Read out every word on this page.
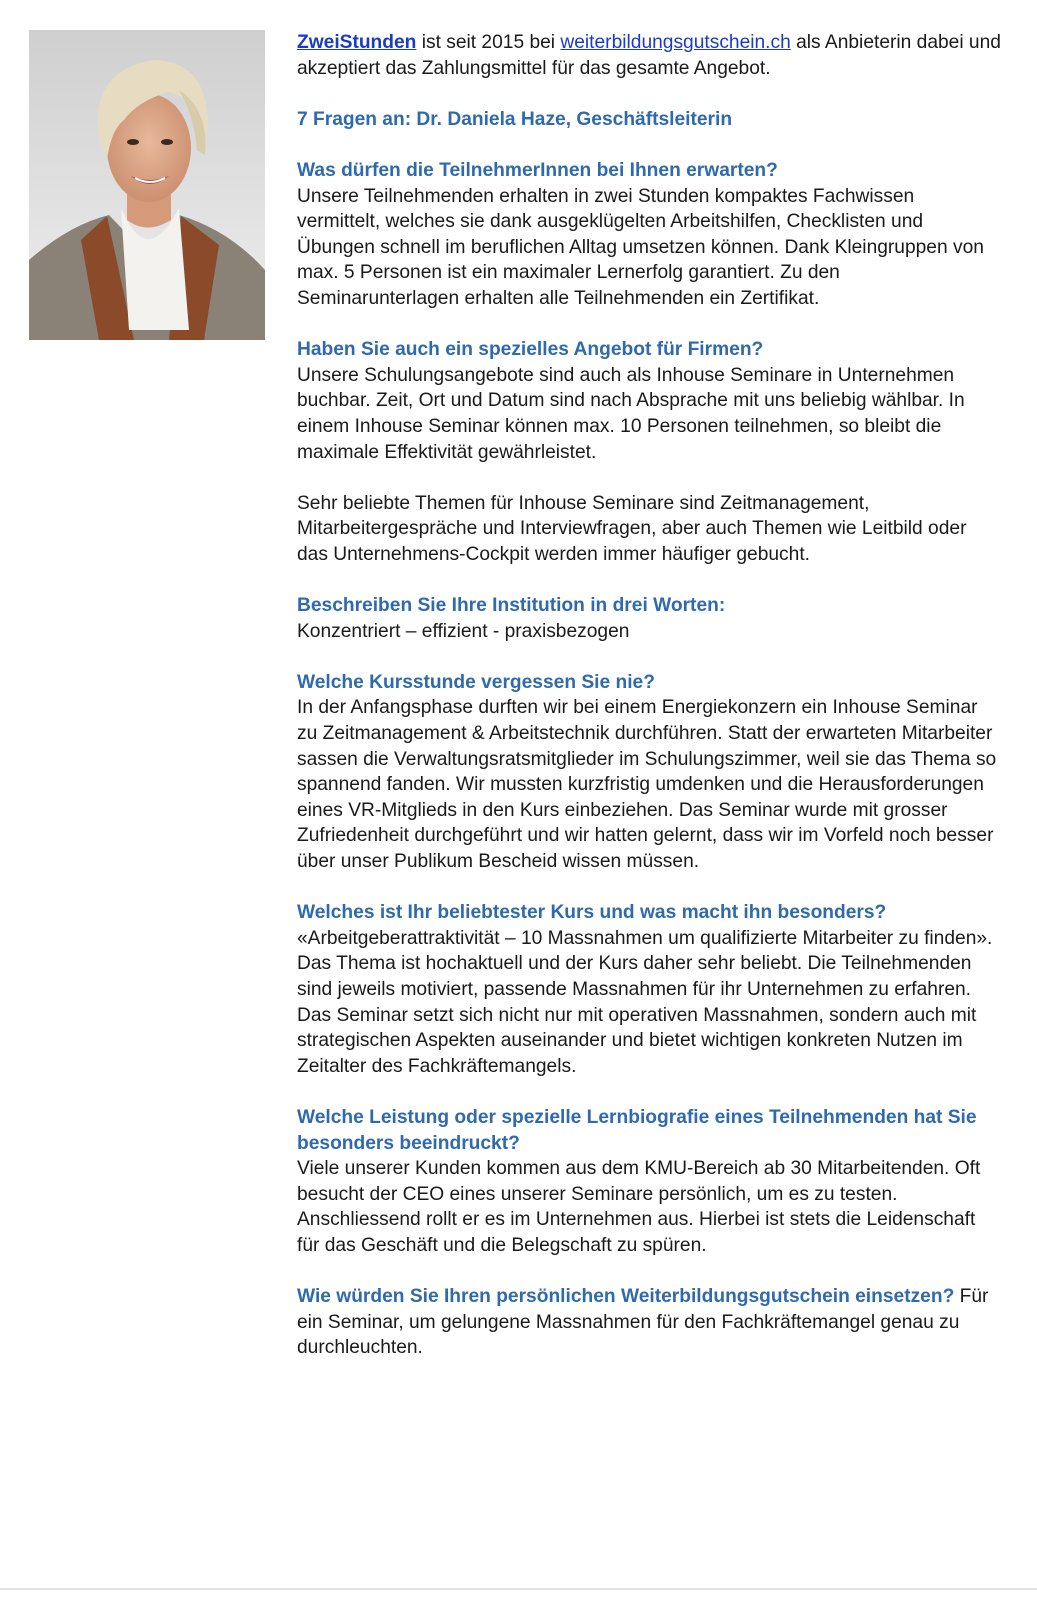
ZweiStunden ist seit 2015 bei weiterbildungsgutschein.ch als Anbieterin dabei und akzeptiert das Zahlungsmittel für das gesamte Angebot.

7 Fragen an: Dr. Daniela Haze, Geschäftsleiterin

Was dürfen die TeilnehmerInnen bei Ihnen erwarten?

Unsere Teilnehmenden erhalten in zwei Stunden kompaktes Fachwissen vermittelt, welches sie dank ausgeklügelten Arbeitshilfen, Checklisten und Übungen schnell im beruflichen Alltag umsetzen können. Dank Kleingruppen von max. 5 Personen ist ein maximaler Lernerfolg garantiert. Zu den Seminarunterlagen erhalten alle Teilnehmenden ein Zertifikat.

Haben Sie auch ein spezielles Angebot für Firmen?

Unsere Schulungsangebote sind auch als Inhouse Seminare in Unternehmen buchbar. Zeit, Ort und Datum sind nach Absprache mit uns beliebig wählbar. In einem Inhouse Seminar können max. 10 Personen teilnehmen, so bleibt die maximale Effektivität gewährleistet.

Sehr beliebte Themen für Inhouse Seminare sind Zeitmanagement, Mitarbeitergespräche und Interviewfragen, aber auch Themen wie Leitbild oder das Unternehmens-Cockpit werden immer häufiger gebucht.

Beschreiben Sie Ihre Institution in drei Worten:

Konzentriert – effizient - praxisbezogen

Welche Kursstunde vergessen Sie nie?

In der Anfangsphase durften wir bei einem Energiekonzern ein Inhouse Seminar zu Zeitmanagement & Arbeitstechnik durchführen. Statt der erwarteten Mitarbeiter sassen die Verwaltungsratsmitglieder im Schulungszimmer, weil sie das Thema so spannend fanden. Wir mussten kurzfristig umdenken und die Herausforderungen eines VR-Mitglieds in den Kurs einbeziehen. Das Seminar wurde mit grosser Zufriedenheit durchgeführt und wir hatten gelernt, dass wir im Vorfeld noch besser über unser Publikum Bescheid wissen müssen.

Welches ist Ihr beliebtester Kurs und was macht ihn besonders?

«Arbeitgeberattraktivität – 10 Massnahmen um qualifizierte Mitarbeiter zu finden». Das Thema ist hochaktuell und der Kurs daher sehr beliebt. Die Teilnehmenden sind jeweils motiviert, passende Massnahmen für ihr Unternehmen zu erfahren. Das Seminar setzt sich nicht nur mit operativen Massnahmen, sondern auch mit strategischen Aspekten auseinander und bietet wichtigen konkreten Nutzen im Zeitalter des Fachkräftemangels.

Welche Leistung oder spezielle Lernbiografie eines Teilnehmenden hat Sie besonders beeindruckt?

Viele unserer Kunden kommen aus dem KMU-Bereich ab 30 Mitarbeitenden. Oft besucht der CEO eines unserer Seminare persönlich, um es zu testen. Anschliessend rollt er es im Unternehmen aus. Hierbei ist stets die Leidenschaft für das Geschäft und die Belegschaft zu spüren.

Wie würden Sie Ihren persönlichen Weiterbildungsgutschein einsetzen? Für ein Seminar, um gelungene Massnahmen für den Fachkräftemangel genau zu durchleuchten.
